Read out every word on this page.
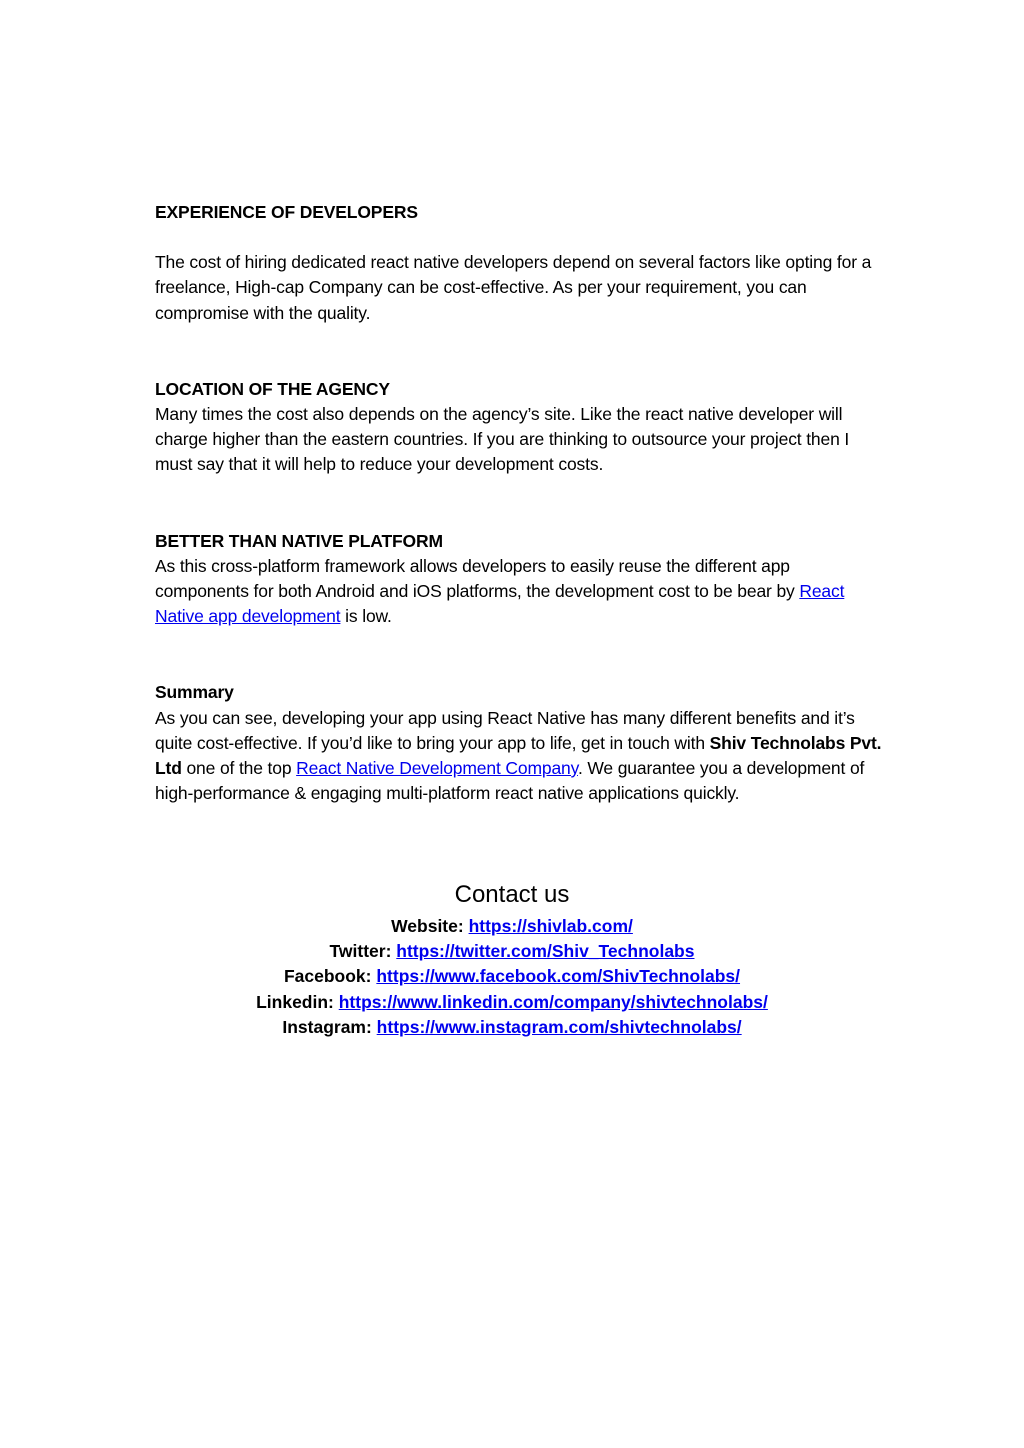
EXPERIENCE OF DEVELOPERS
The cost of hiring dedicated react native developers depend on several factors like opting for a freelance, High-cap Company can be cost-effective. As per your requirement, you can compromise with the quality.
LOCATION OF THE AGENCY
Many times the cost also depends on the agency’s site. Like the react native developer will charge higher than the eastern countries. If you are thinking to outsource your project then I must say that it will help to reduce your development costs.
BETTER THAN NATIVE PLATFORM
As this cross-platform framework allows developers to easily reuse the different app components for both Android and iOS platforms, the development cost to be bear by React Native app development is low.
Summary
As you can see, developing your app using React Native has many different benefits and it’s quite cost-effective. If you’d like to bring your app to life, get in touch with Shiv Technolabs Pvt. Ltd one of the top React Native Development Company. We guarantee you a development of high-performance & engaging multi-platform react native applications quickly.
Contact us
Website: https://shivlab.com/
Twitter: https://twitter.com/Shiv_Technolabs
Facebook: https://www.facebook.com/ShivTechnolabs/
Linkedin: https://www.linkedin.com/company/shivtechnolabs/
Instagram: https://www.instagram.com/shivtechnolabs/
